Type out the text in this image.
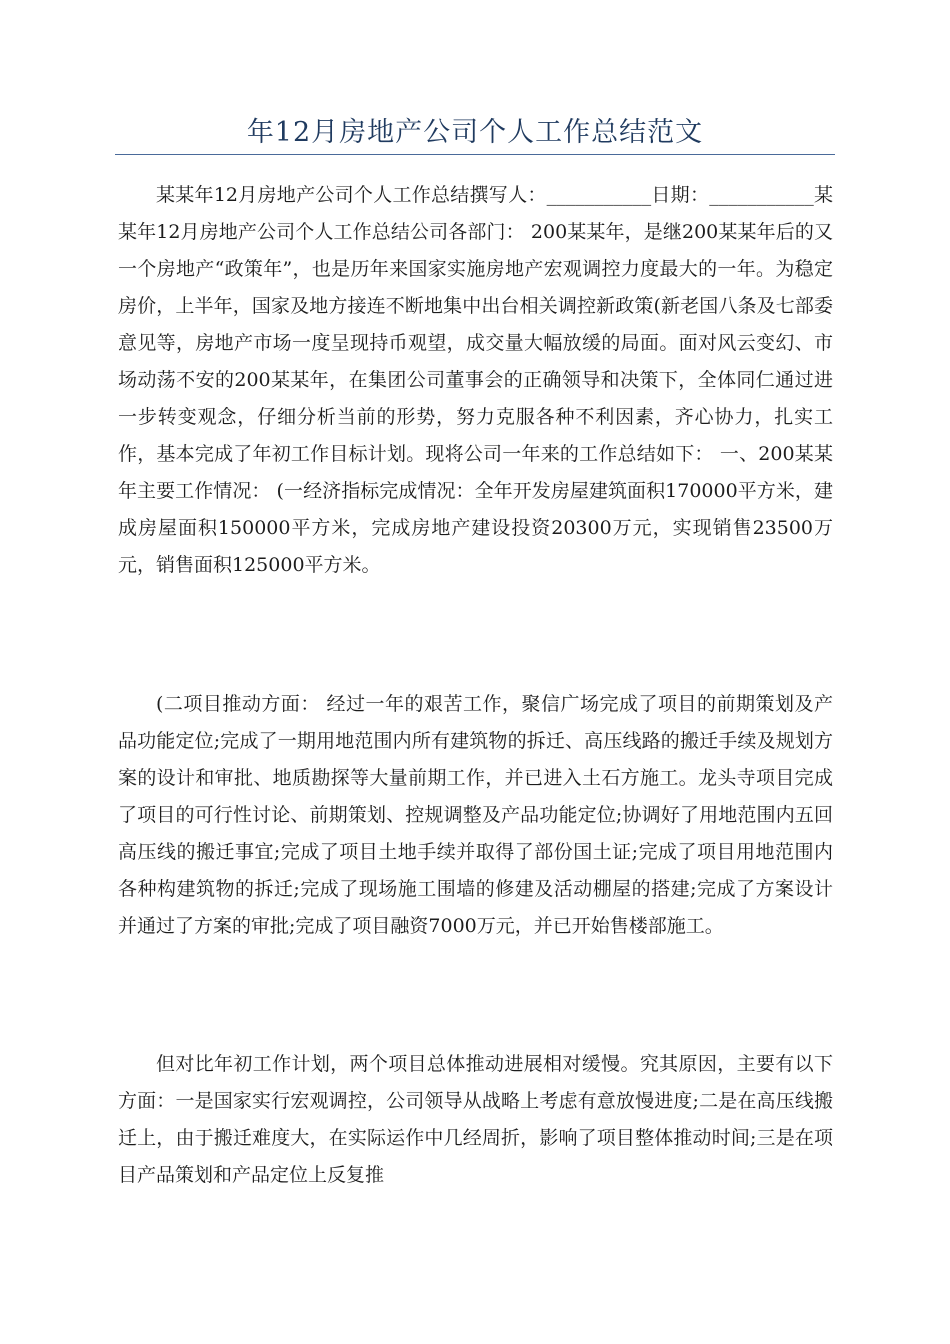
年12月房地产公司个人工作总结范文

某某年12月房地产公司个人工作总结撰写人：___________日期：___________某某年12月房地产公司个人工作总结公司各部门： 200某某年，是继200某某年后的又一个房地产“政策年”，也是历年来国家实施房地产宏观调控力度最大的一年。为稳定房价，上半年，国家及地方接连不断地集中出台相关调控新政策(新老国八条及七部委意见等，房地产市场一度呈现持币观望，成交量大幅放缓的局面。面对风云变幻、市场动荡不安的200某某年，在集团公司董事会的正确领导和决策下，全体同仁通过进一步转变观念，仔细分析当前的形势，努力克服各种不利因素，齐心协力，扎实工作，基本完成了年初工作目标计划。现将公司一年来的工作总结如下： 一、200某某年主要工作情况： (一经济指标完成情况：全年开发房屋建筑面积170000平方米，建成房屋面积150000平方米，完成房地产建设投资20300万元，实现销售23500万元，销售面积125000平方米。

(二项目推动方面： 经过一年的艰苦工作，聚信广场完成了项目的前期策划及产品功能定位;完成了一期用地范围内所有建筑物的拆迁、高压线路的搬迁手续及规划方案的设计和审批、地质勘探等大量前期工作，并已进入土石方施工。龙头寺项目完成了项目的可行性讨论、前期策划、控规调整及产品功能定位;协调好了用地范围内五回高压线的搬迁事宜;完成了项目土地手续并取得了部份国土证;完成了项目用地范围内各种构建筑物的拆迁;完成了现场施工围墙的修建及活动棚屋的搭建;完成了方案设计并通过了方案的审批;完成了项目融资7000万元，并已开始售楼部施工。

但对比年初工作计划，两个项目总体推动进展相对缓慢。究其原因，主要有以下方面：一是国家实行宏观调控，公司领导从战略上考虑有意放慢进度;二是在高压线搬迁上，由于搬迁难度大，在实际运作中几经周折，影响了项目整体推动时间;三是在项目产品策划和产品定位上反复推
